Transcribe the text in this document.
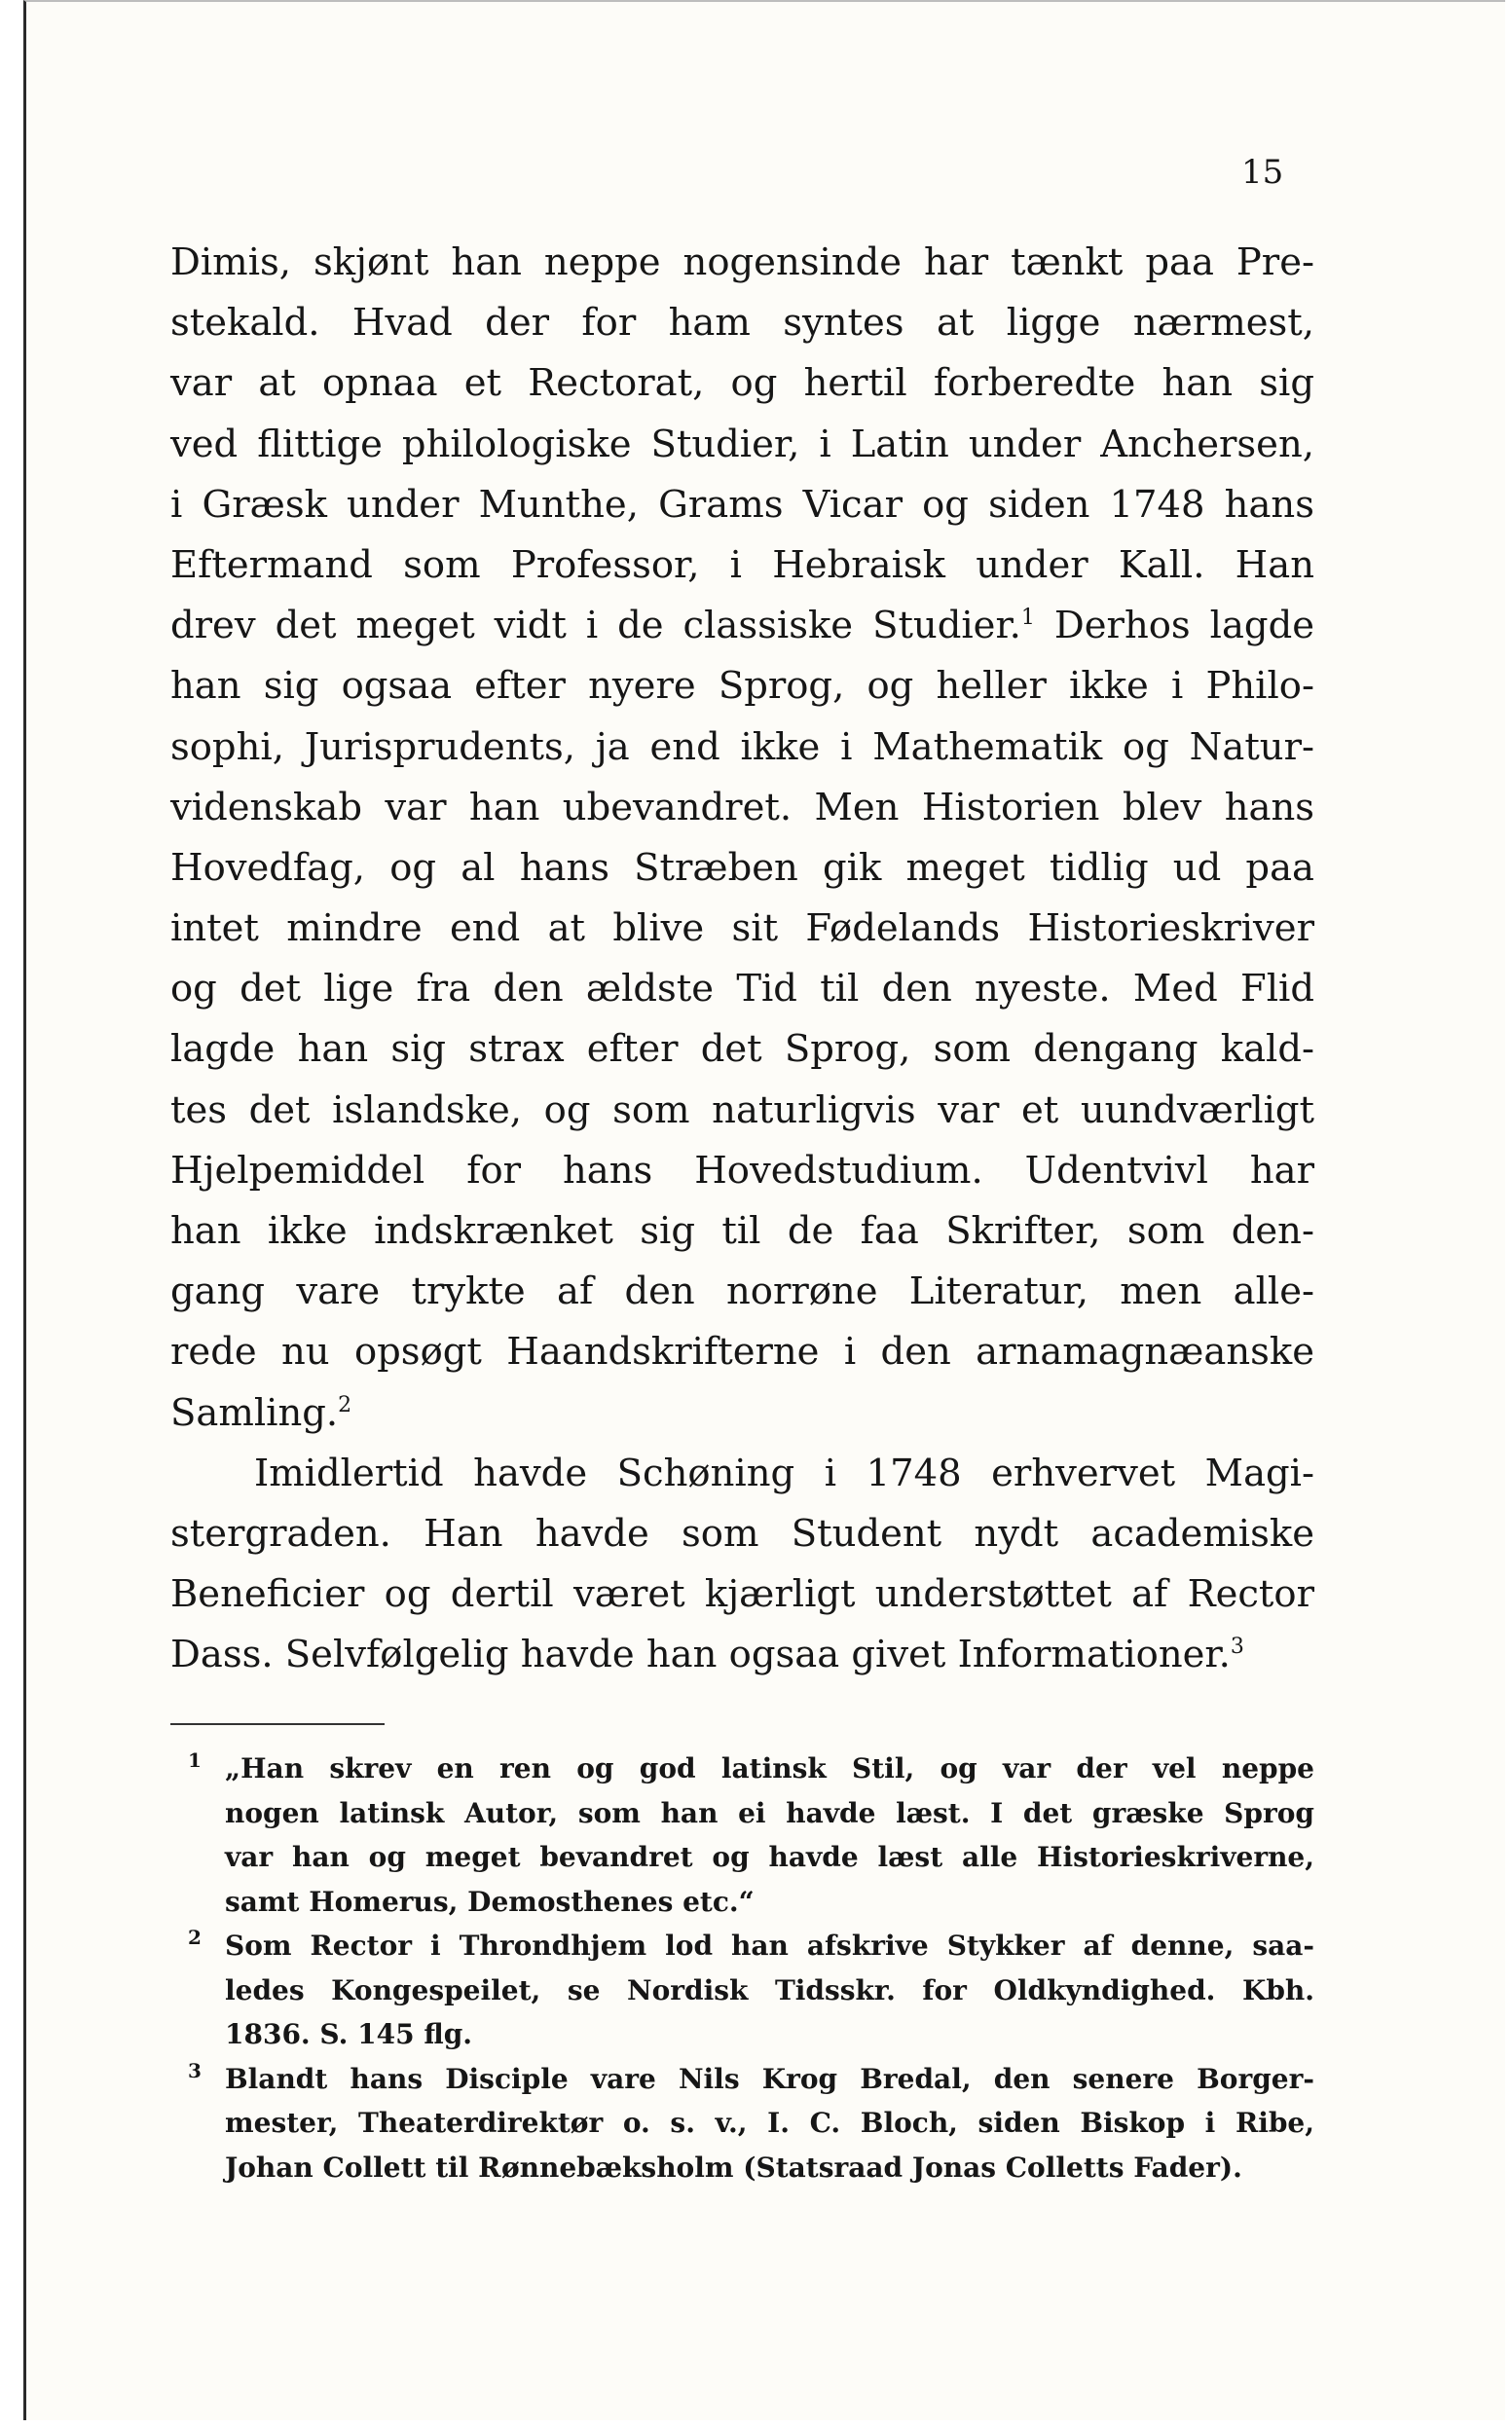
15

Dimis, skjønt han neppe nogensinde har tænkt paa Pre-
stekald. Hvad der for ham syntes at ligge nærmest,
var at opnaa et Rectorat, og hertil forberedte han sig
ved flittige philologiske Studier, i Latin under Anchersen,
i Græsk under Munthe, Grams Vicar og siden 1748 hans
Eftermand som Professor, i Hebraisk under Kall. Han
drev det meget vidt i de classiske Studier.$^1$ Derhos lagde
han sig ogsaa efter nyere Sprog, og heller ikke i Philo-
sophi, Jurisprudents, ja end ikke i Mathematik og Natur-
videnskab var han ubevandret. Men Historien blev hans
Hovedfag, og al hans Stræben gik meget tidlig ud paa
intet mindre end at blive sit Fødelands Historieskriver
og det lige fra den ældste Tid til den nyeste. Med Flid
lagde han sig strax efter det Sprog, som dengang kald-
tes det islandske, og som naturligvis var et uundværligt
Hjelpemiddel for hans Hovedstudium. Udentvivl har
han ikke indskrænket sig til de faa Skrifter, som den-
gang vare trykte af den norrøne Literatur, men alle-
rede nu opsøgt Haandskrifterne i den arnamagnæanske
Samling.$^2$
Imidlertid havde Schøning i 1748 erhvervet Magi-
stergraden. Han havde som Student nydt academiske
Beneficier og dertil været kjærligt understøttet af Rector
Dass. Selvfølgelig havde han ogsaa givet Informationer.$^3$
1 „Han skrev en ren og god latinsk Stil, og var der vel neppe
nogen latinsk Autor, som han ei havde læst. I det græske Sprog
var han og meget bevandret og havde læst alle Historieskriverne,
samt Homerus, Demosthenes etc.“
2 Som Rector i Throndhjem lod han afskrive Stykker af denne, saa-
ledes Kongespeilet, se Nordisk Tidsskr. for Oldkyndighed. Kbh.
1836. S. 145 flg.
3 Blandt hans Disciple vare Nils Krog Bredal, den senere Borger-
mester, Theaterdirektør o. s. v., I. C. Bloch, siden Biskop i Ribe,
Johan Collett til Rønnebæksholm (Statsraad Jonas Colletts Fader).
